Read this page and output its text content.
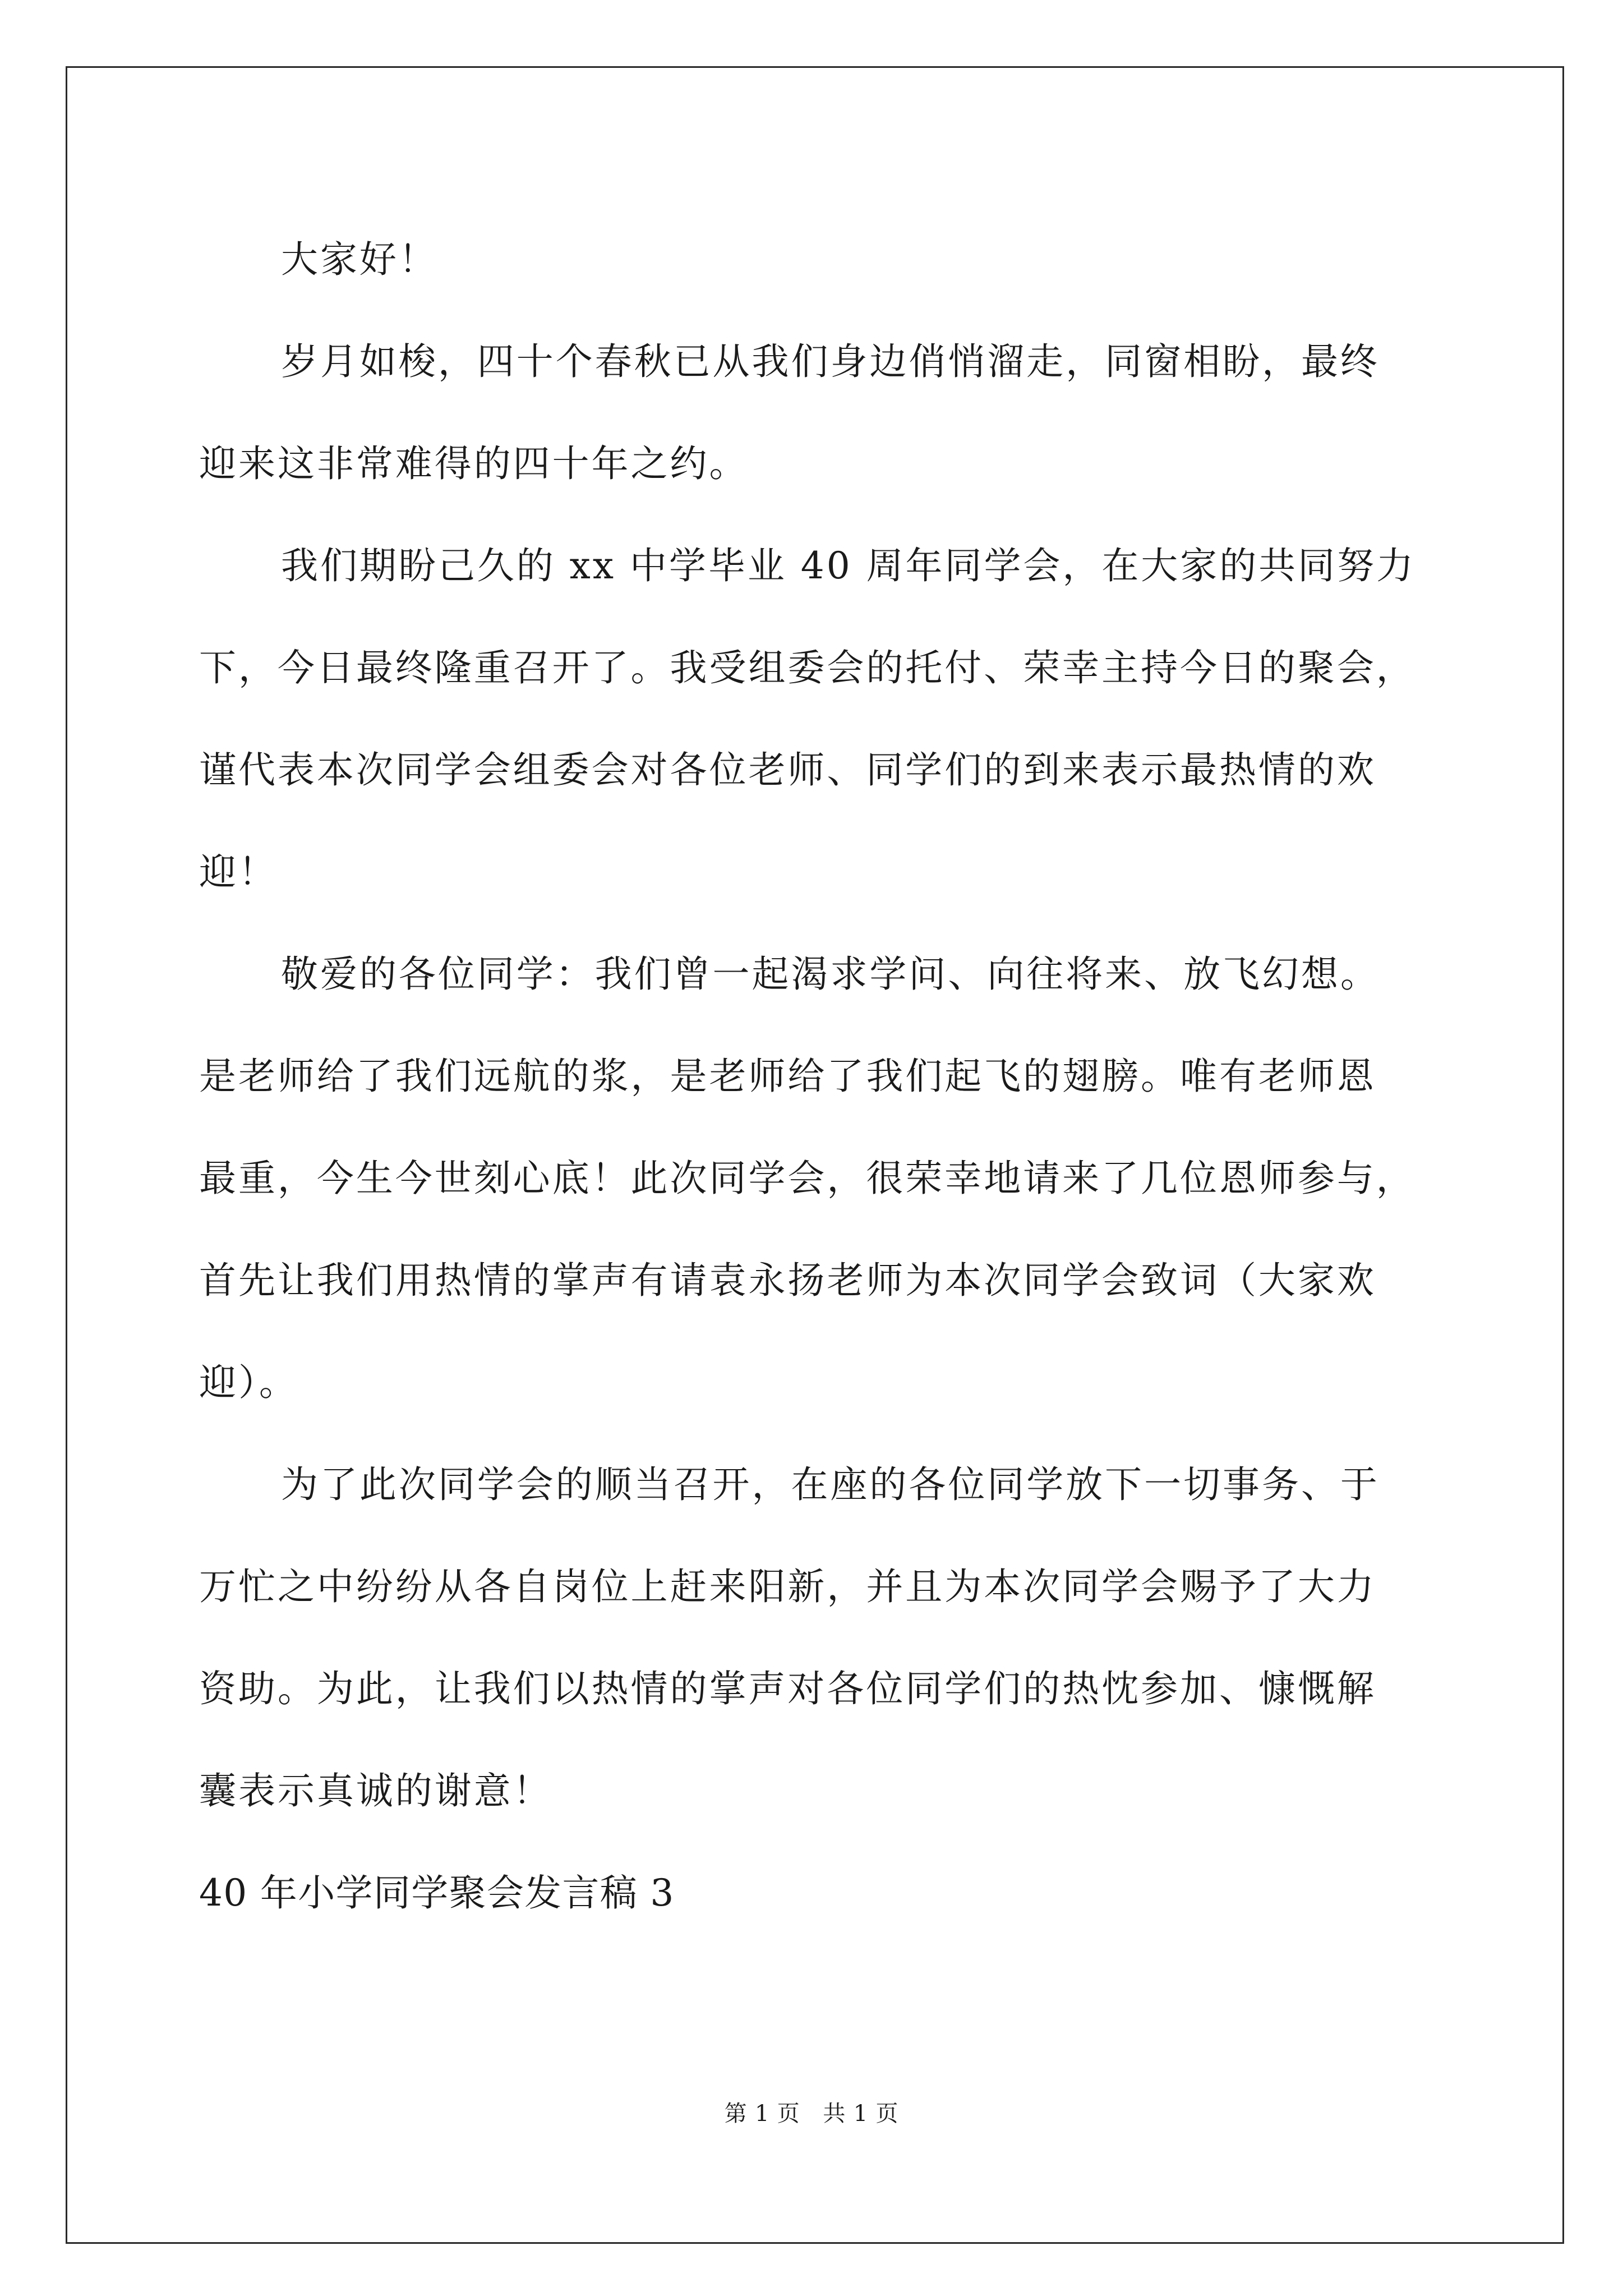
大家好！
岁月如梭，四十个春秋已从我们身边俏悄溜走，同窗相盼，最终
迎来这非常难得的四十年之约。
我们期盼己久的 xx 中学毕业 40 周年同学会，在大家的共同努力
下，今日最终隆重召开了。我受组委会的托付、荣幸主持今日的聚会，
谨代表本次同学会组委会对各位老师、同学们的到来表示最热情的欢
迎！
敬爱的各位同学：我们曾一起渴求学问、向往将来、放飞幻想。
是老师给了我们远航的浆，是老师给了我们起飞的翅膀。唯有老师恩
最重，今生今世刻心底！此次同学会，很荣幸地请来了几位恩师参与，
首先让我们用热情的掌声有请袁永扬老师为本次同学会致词（大家欢
迎）。
为了此次同学会的顺当召开，在座的各位同学放下一切事务、于
万忙之中纷纷从各自岗位上赶来阳新，并且为本次同学会赐予了大力
资助。为此，让我们以热情的掌声对各位同学们的热忱参加、慷慨解
囊表示真诚的谢意！
40 年小学同学聚会发言稿 3
第 1 页　共 1 页
